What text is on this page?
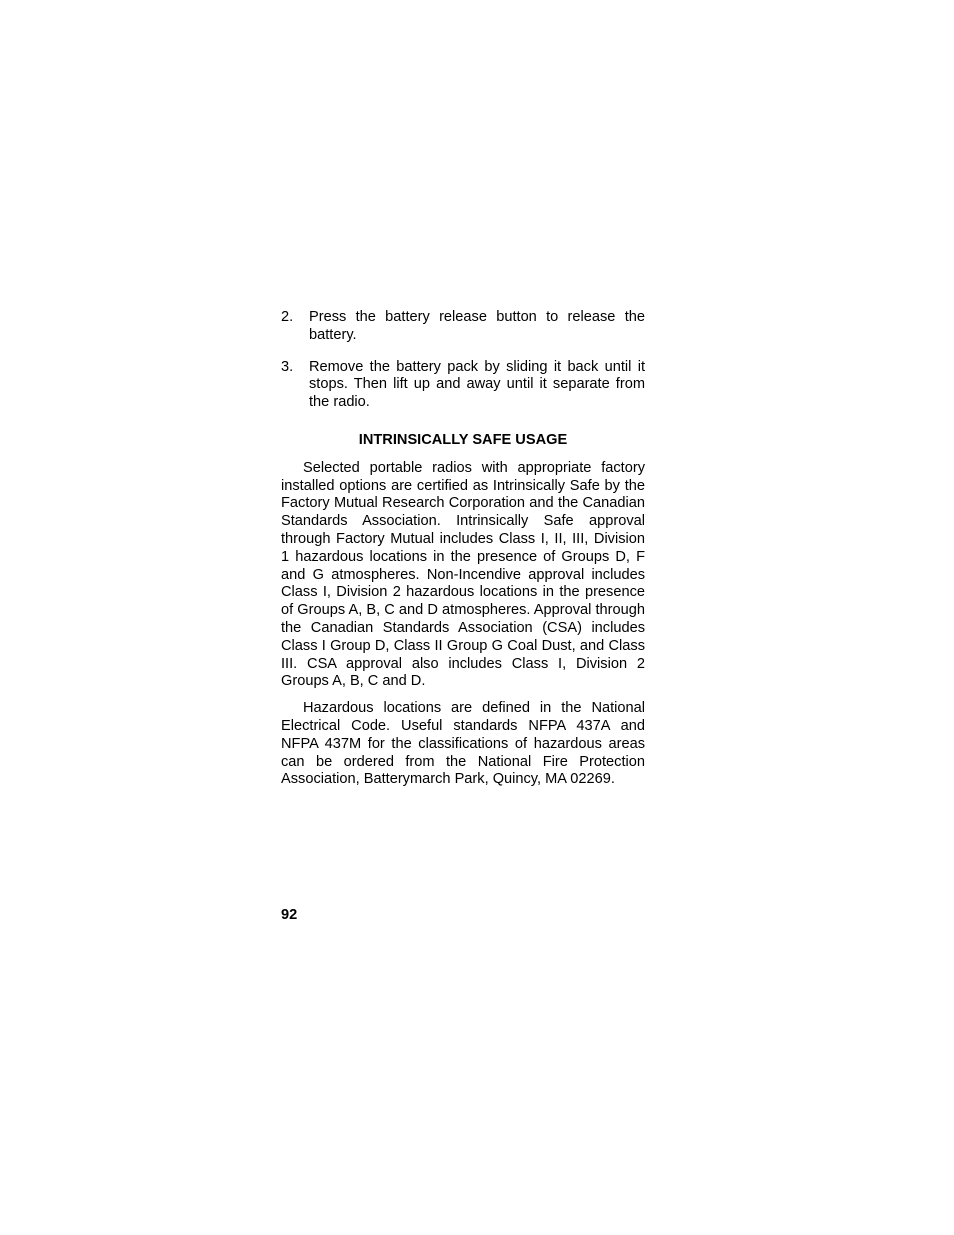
2.	Press the battery release button to release the battery.
3.	Remove the battery pack by sliding it back until it stops. Then lift up and away until it separate from the radio.
INTRINSICALLY SAFE USAGE

Selected portable radios with appropriate factory installed options are certified as Intrinsically Safe by the Factory Mutual Research Corporation and the Canadian Standards Association. Intrinsically Safe approval through Factory Mutual includes Class I, II, III, Division 1 hazardous locations in the presence of Groups D, F and G atmospheres. Non-Incendive approval includes Class I, Division 2 hazardous locations in the presence of Groups A, B, C and D atmospheres. Approval through the Canadian Standards Association (CSA) includes Class I Group D, Class II Group G Coal Dust, and Class III. CSA approval also includes Class I, Division 2 Groups A, B, C and D.

Hazardous locations are defined in the National Electrical Code. Useful standards NFPA 437A and NFPA 437M for the classifications of hazardous areas can be ordered from the National Fire Protection Association, Batterymarch Park, Quincy, MA 02269.

92
